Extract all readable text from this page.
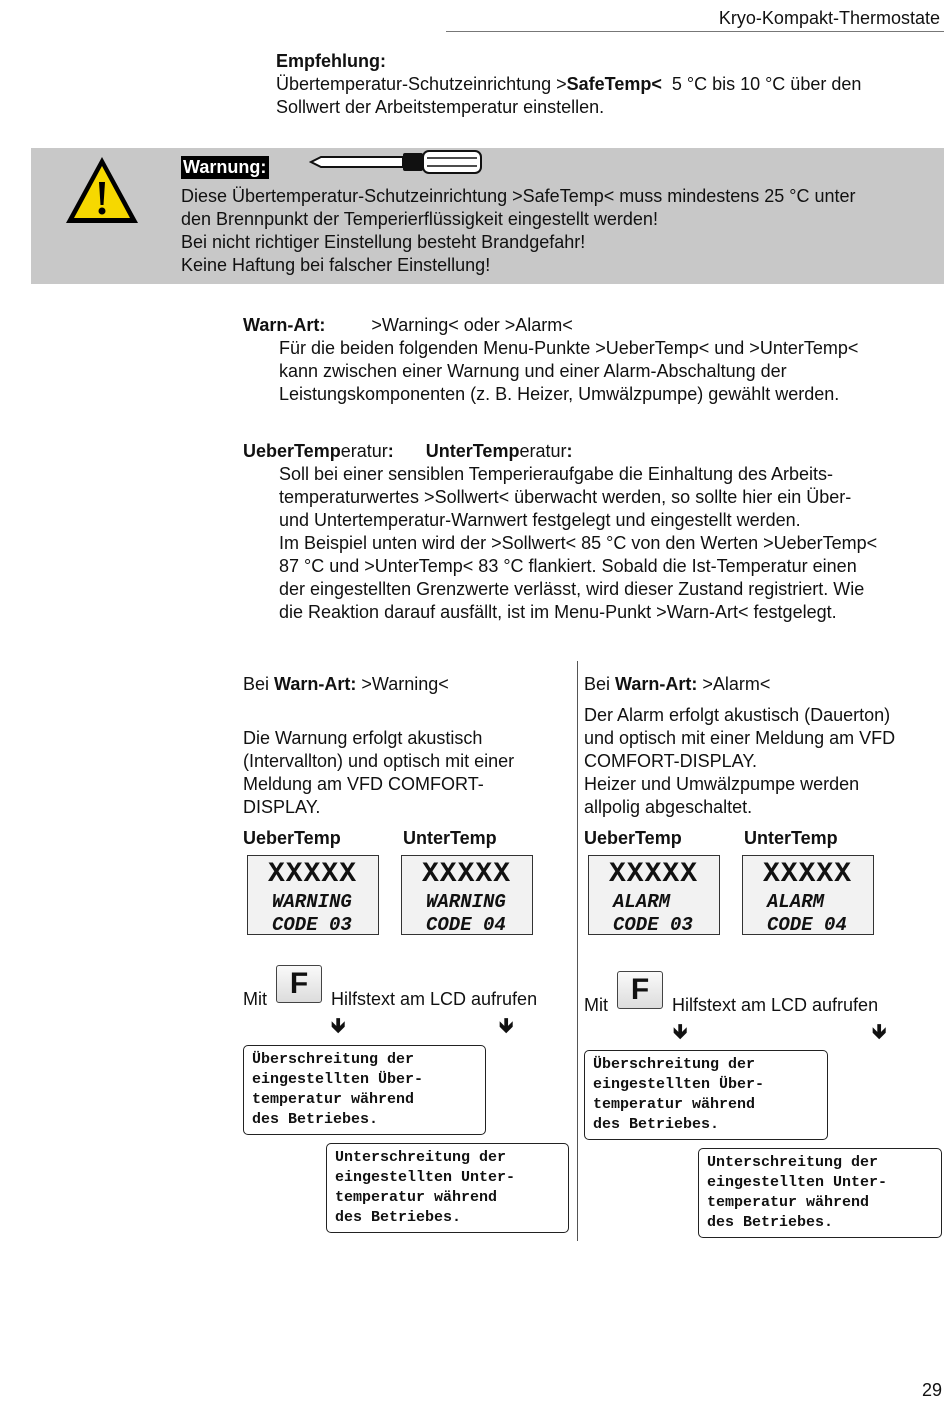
Kryo-Kompakt-Thermostate
Empfehlung:
Übertemperatur-Schutzeinrichtung >SafeTemp<  5 °C bis 10 °C über den
Sollwert der Arbeitstemperatur einstellen.
Warnung:
Diese Übertemperatur-Schutzeinrichtung >SafeTemp< muss mindestens 25 °C unter
den Brennpunkt der Temperierflüssigkeit eingestellt werden!
Bei nicht richtiger Einstellung besteht Brandgefahr!
Keine Haftung bei falscher Einstellung!
Warn-Art:	>Warning< oder >Alarm<
Für die beiden folgenden Menu-Punkte >UeberTemp< und >UnterTemp<
kann zwischen einer Warnung und einer Alarm-Abschaltung der
Leistungskomponenten (z. B. Heizer, Umwälzpumpe) gewählt werden.
UeberTemperatur: UnterTemperatur:
Soll bei einer sensiblen Temperieraufgabe die Einhaltung des Arbeits-
temperaturwertes >Sollwert< überwacht werden, so sollte hier ein Über-
und Untertemperatur-Warnwert festgelegt und eingestellt werden.
Im Beispiel unten wird der >Sollwert< 85 °C von den Werten >UeberTemp<
87 °C und >UnterTemp< 83 °C flankiert. Sobald die Ist-Temperatur einen
der eingestellten Grenzwerte verlässt, wird dieser Zustand registriert. Wie
die Reaktion darauf ausfällt, ist im Menu-Punkt >Warn-Art< festgelegt.
Bei Warn-Art: >Warning<
Die Warnung erfolgt akustisch
(Intervallton) und optisch mit einer
Meldung am VFD COMFORT-
DISPLAY.
UeberTemp	UnterTemp
XXXXX
WARNING
CODE 03
XXXXX
WARNING
CODE 04
Mit F	Hilfstext am LCD aufrufen
🡻	🡻
Überschreitung der
eingestellten Über-
temperatur während
des Betriebes.
Unterschreitung der
eingestellten Unter-
temperatur während
des Betriebes.
Bei Warn-Art: >Alarm<
Der Alarm erfolgt akustisch (Dauerton)
und optisch mit einer Meldung am VFD
COMFORT-DISPLAY.
Heizer und Umwälzpumpe werden
allpolig abgeschaltet.
UeberTemp	UnterTemp
XXXXX
ALARM
CODE 03
XXXXX
ALARM
CODE 04
Mit F	Hilfstext am LCD aufrufen
🡻	🡻
Überschreitung der
eingestellten Über-
temperatur während
des Betriebes.
Unterschreitung der
eingestellten Unter-
temperatur während
des Betriebes.
29
